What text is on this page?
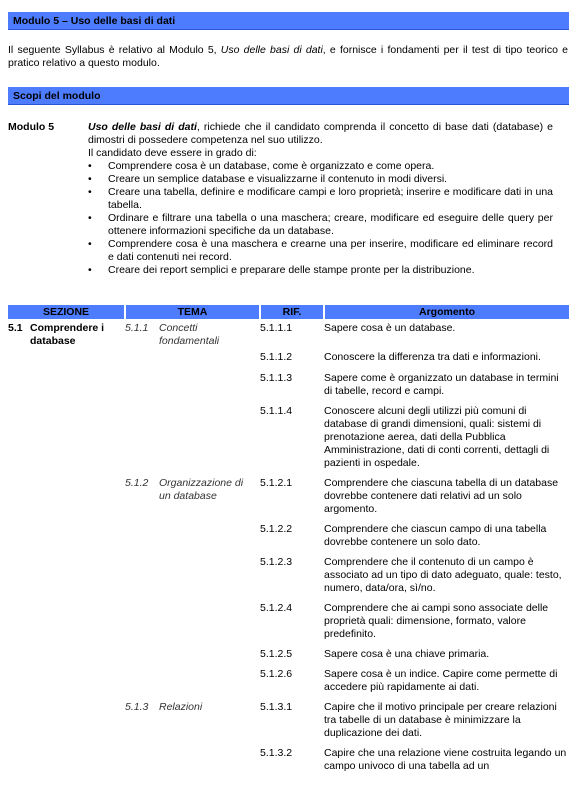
Modulo 5 – Uso delle basi di dati
Il seguente Syllabus è relativo al Modulo 5, Uso delle basi di dati, e fornisce i fondamenti per il test di tipo teorico e pratico relativo a questo modulo.
Scopi del modulo
Modulo 5	Uso delle basi di dati, richiede che il candidato comprenda il concetto di base dati (database) e dimostri di possedere competenza nel suo utilizzo.
Il candidato deve essere in grado di:
• Comprendere cosa è un database, come è organizzato e come opera.
• Creare un semplice database e visualizzarne il contenuto in modi diversi.
• Creare una tabella, definire e modificare campi e loro proprietà; inserire e modificare dati in una tabella.
• Ordinare e filtrare una tabella o una maschera; creare, modificare ed eseguire delle query per ottenere informazioni specifiche da un database.
• Comprendere cosa è una maschera e crearne una per inserire, modificare ed eliminare record e dati contenuti nei record.
• Creare dei report semplici e preparare delle stampe pronte per la distribuzione.
SEZIONE	TEMA	RIF.	Argomento
5.1 Comprendere i database	5.1.1 Concetti fondamentali	5.1.1.1	Sapere cosa è un database.
		5.1.1.2	Conoscere la differenza tra dati e informazioni.
		5.1.1.3	Sapere come è organizzato un database in termini di tabelle, record e campi.
		5.1.1.4	Conoscere alcuni degli utilizzi più comuni di database di grandi dimensioni, quali: sistemi di prenotazione aerea, dati della Pubblica Amministrazione, dati di conti correnti, dettagli di pazienti in ospedale.
	5.1.2 Organizzazione di un database	5.1.2.1	Comprendere che ciascuna tabella di un database dovrebbe contenere dati relativi ad un solo argomento.
		5.1.2.2	Comprendere che ciascun campo di una tabella dovrebbe contenere un solo dato.
		5.1.2.3	Comprendere che il contenuto di un campo è associato ad un tipo di dato adeguato, quale: testo, numero, data/ora, sì/no.
		5.1.2.4	Comprendere che ai campi sono associate delle proprietà quali: dimensione, formato, valore predefinito.
		5.1.2.5	Sapere cosa è una chiave primaria.
		5.1.2.6	Sapere cosa è un indice. Capire come permette di accedere più rapidamente ai dati.
	5.1.3 Relazioni	5.1.3.1	Capire che il motivo principale per creare relazioni tra tabelle di un database è minimizzare la duplicazione dei dati.
		5.1.3.2	Capire che una relazione viene costruita legando un campo univoco di una tabella ad un
